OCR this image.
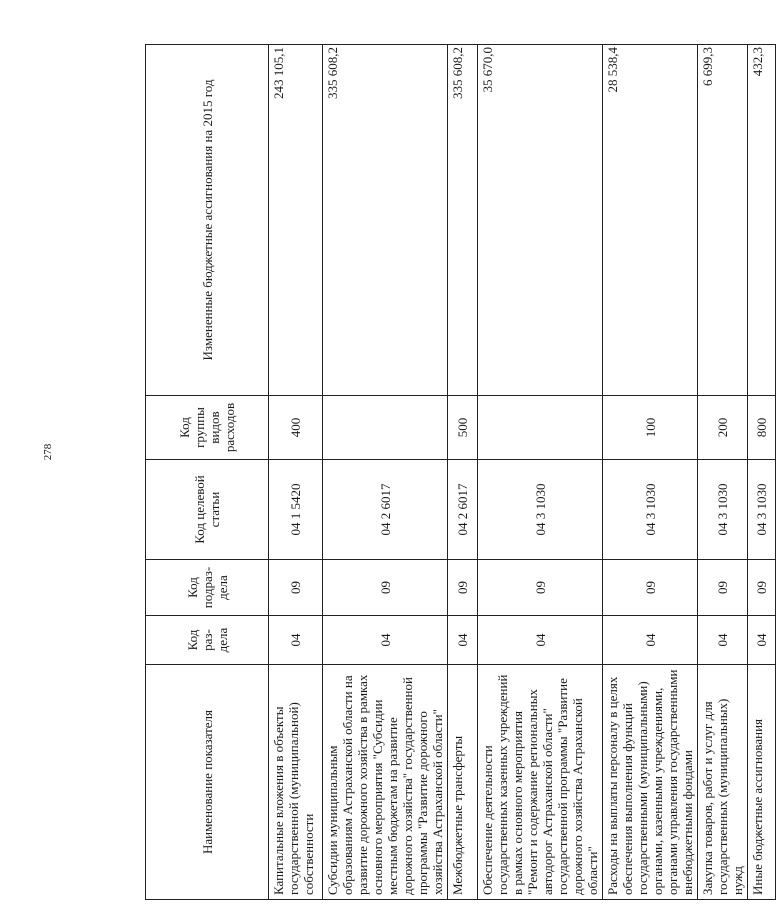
278
Наименование показателя	Код раз-дела	Код подраз-дела	Код целевой статьи	Код группы видов расходов	Измененные бюджетные ассигнования на 2015 год
Капитальные вложения в объекты государственной (муниципальной) собственности	04	09	04 1 5420	400	243 105,1
Субсидии муниципальным образованиям Астраханской области на развитие дорожного хозяйства в рамках основного мероприятия "Субсидии местным бюджетам на развитие дорожного хозяйства" государственной программы "Развитие дорожного хозяйства Астраханской области"	04	09	04 2 6017		335 608,2
Межбюджетные трансферты	04	09	04 2 6017	500	335 608,2
Обеспечение деятельности государственных казенных учреждений в рамках основного мероприятия "Ремонт и содержание региональных автодорог Астраханской области" государственной программы "Развитие дорожного хозяйства Астраханской области"	04	09	04 3 1030		35 670,0
Расходы на выплаты персоналу в целях обеспечения выполнения функций государственными (муниципальными) органами, казенными учреждениями, органами управления государственными внебюджетными фондами	04	09	04 3 1030	100	28 538,4
Закупка товаров, работ и услуг для государственных (муниципальных) нужд	04	09	04 3 1030	200	6 699,3
Иные бюджетные ассигнования	04	09	04 3 1030	800	432,3
